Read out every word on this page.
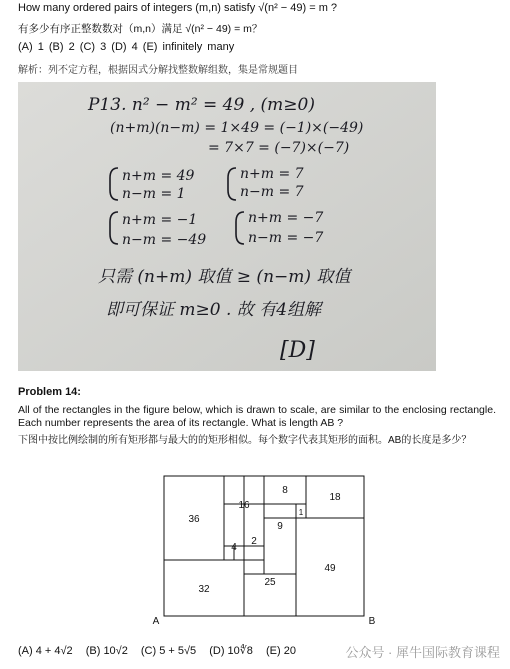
How many ordered pairs of integers (m,n) satisfy √(n² − 49) = m ?
有多少有序正整数数对（m,n）满足 √(n² − 49) = m？
(A) 1 (B) 2 (C) 3 (D) 4 (E) infinitely many
解析：列不定方程，根据因式分解找整数解组数，集是常规题目
P13. n² − m² = 49 , (m≥0)
(n+m)(n−m) = 1×49 = (−1)×(−49)
= 7×7 = (−7)×(−7)
n+m = 49
n−m = 1
n+m = 7
n−m = 7
n+m = −1
n−m = −49
n+m = −7
n−m = −7
只需 (n+m) 取值 ≥ (n−m) 取值
即可保证 m≥0 . 故 有4组解
[D]
Problem 14:
All of the rectangles in the figure below, which is drawn to scale, are similar to the enclosing rectangle. Each number represents the area of its rectangle. What is length AB ?
下图中按比例绘制的所有矩形都与最大的的矩形相似。每个数字代表其矩形的面积。AB的长度是多少？
36
16
8
18
9
1
4
2
25
32
49
A	B
(A) 4 + 4√2 (B) 10√2 (C) 5 + 5√5 (D) 10∜8 (E) 20	公众号 · 犀牛国际教育课程
